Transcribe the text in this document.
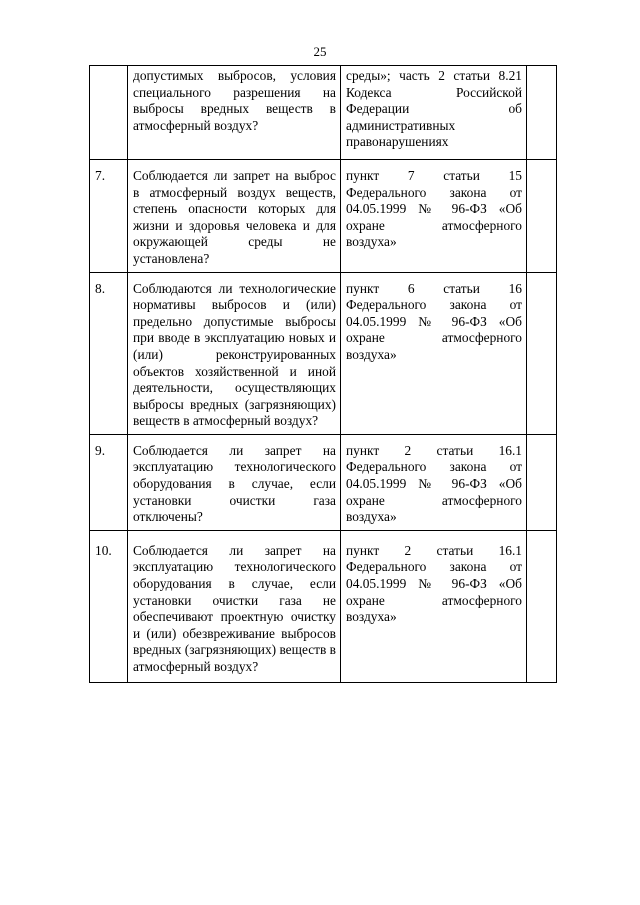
25
	допустимых выбросов, условия специального разрешения на выбросы вредных веществ в атмосферный воздух?	среды»; часть 2 статьи 8.21 Кодекса Российской Федерации об административных правонарушениях	
7.	Соблюдается ли запрет на выброс в атмосферный воздух веществ, степень опасности которых для жизни и здоровья человека и для окружающей среды не установлена?	пункт 7 статьи 15 Федерального закона от 04.05.1999 № 96-ФЗ «Об охране атмосферного воздуха»	
8.	Соблюдаются ли технологические нормативы выбросов и (или) предельно допустимые выбросы при вводе в эксплуатацию новых и (или) реконструированных объектов хозяйственной и иной деятельности, осуществляющих выбросы вредных (загрязняющих) веществ в атмосферный воздух?	пункт 6 статьи 16 Федерального закона от 04.05.1999 № 96-ФЗ «Об охране атмосферного воздуха»	
9.	Соблюдается ли запрет на эксплуатацию технологического оборудования в случае, если установки очистки газа отключены?	пункт 2 статьи 16.1 Федерального закона от 04.05.1999 № 96-ФЗ «Об охране атмосферного воздуха»	
10.	Соблюдается ли запрет на эксплуатацию технологического оборудования в случае, если установки очистки газа не обеспечивают проектную очистку и (или) обезвреживание выбросов вредных (загрязняющих) веществ в атмосферный воздух?	пункт 2 статьи 16.1 Федерального закона от 04.05.1999 № 96-ФЗ «Об охране атмосферного воздуха»	
